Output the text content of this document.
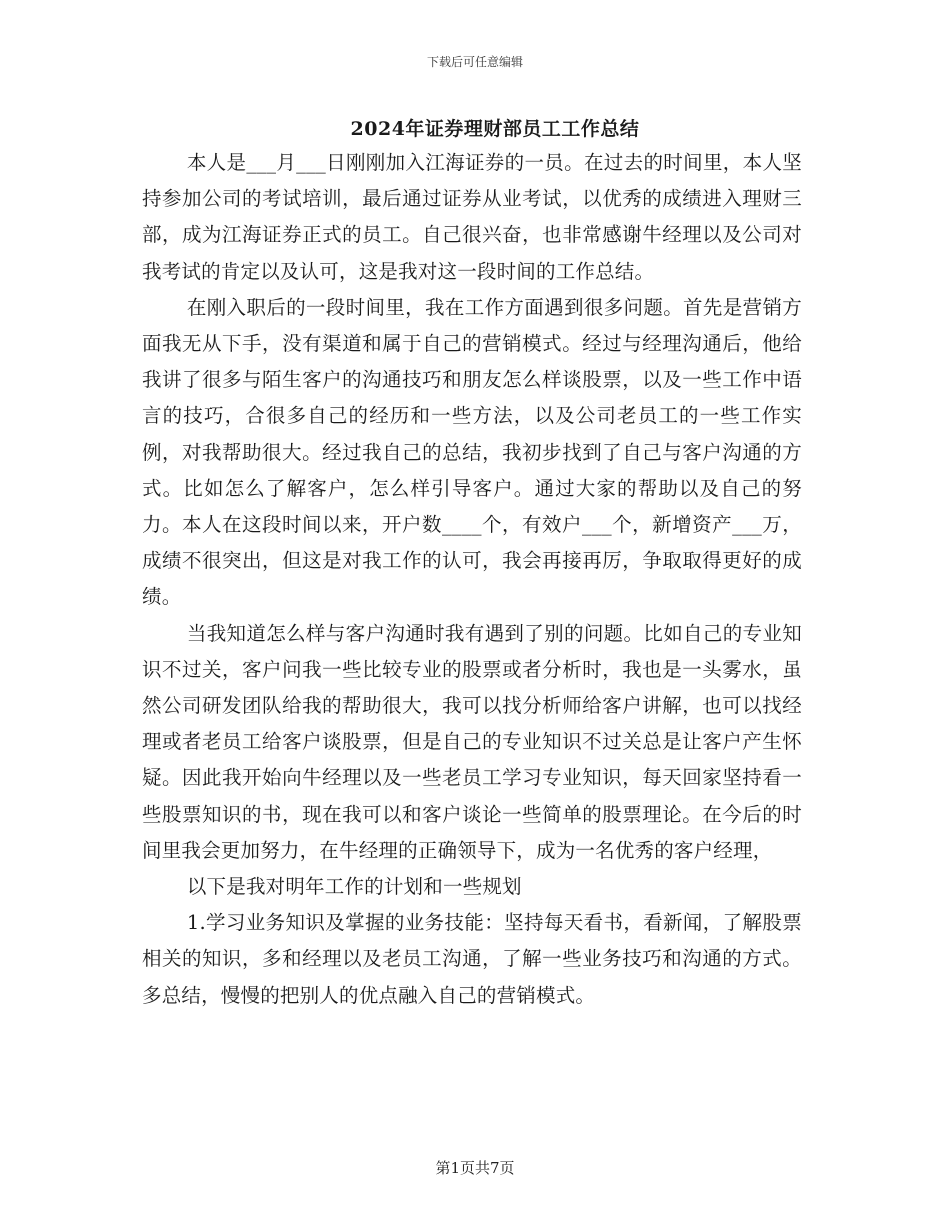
下载后可任意编辑
2024年证券理财部员工工作总结

本人是___月___日刚刚加入江海证券的一员。在过去的时间里，本人坚持参加公司的考试培训，最后通过证券从业考试，以优秀的成绩进入理财三部，成为江海证券正式的员工。自己很兴奋，也非常感谢牛经理以及公司对我考试的肯定以及认可，这是我对这一段时间的工作总结。

在刚入职后的一段时间里，我在工作方面遇到很多问题。首先是营销方面我无从下手，没有渠道和属于自己的营销模式。经过与经理沟通后，他给我讲了很多与陌生客户的沟通技巧和朋友怎么样谈股票，以及一些工作中语言的技巧，合很多自己的经历和一些方法，以及公司老员工的一些工作实例，对我帮助很大。经过我自己的总结，我初步找到了自己与客户沟通的方式。比如怎么了解客户，怎么样引导客户。通过大家的帮助以及自己的努力。本人在这段时间以来，开户数____个，有效户___个，新增资产___万，成绩不很突出，但这是对我工作的认可，我会再接再厉，争取取得更好的成绩。

当我知道怎么样与客户沟通时我有遇到了别的问题。比如自己的专业知识不过关，客户问我一些比较专业的股票或者分析时，我也是一头雾水，虽然公司研发团队给我的帮助很大，我可以找分析师给客户讲解，也可以找经理或者老员工给客户谈股票，但是自己的专业知识不过关总是让客户产生怀疑。因此我开始向牛经理以及一些老员工学习专业知识，每天回家坚持看一些股票知识的书，现在我可以和客户谈论一些简单的股票理论。在今后的时间里我会更加努力，在牛经理的正确领导下，成为一名优秀的客户经理，

以下是我对明年工作的计划和一些规划

1.学习业务知识及掌握的业务技能：坚持每天看书，看新闻，了解股票相关的知识，多和经理以及老员工沟通，了解一些业务技巧和沟通的方式。多总结，慢慢的把别人的优点融入自己的营销模式。

第1页共7页
